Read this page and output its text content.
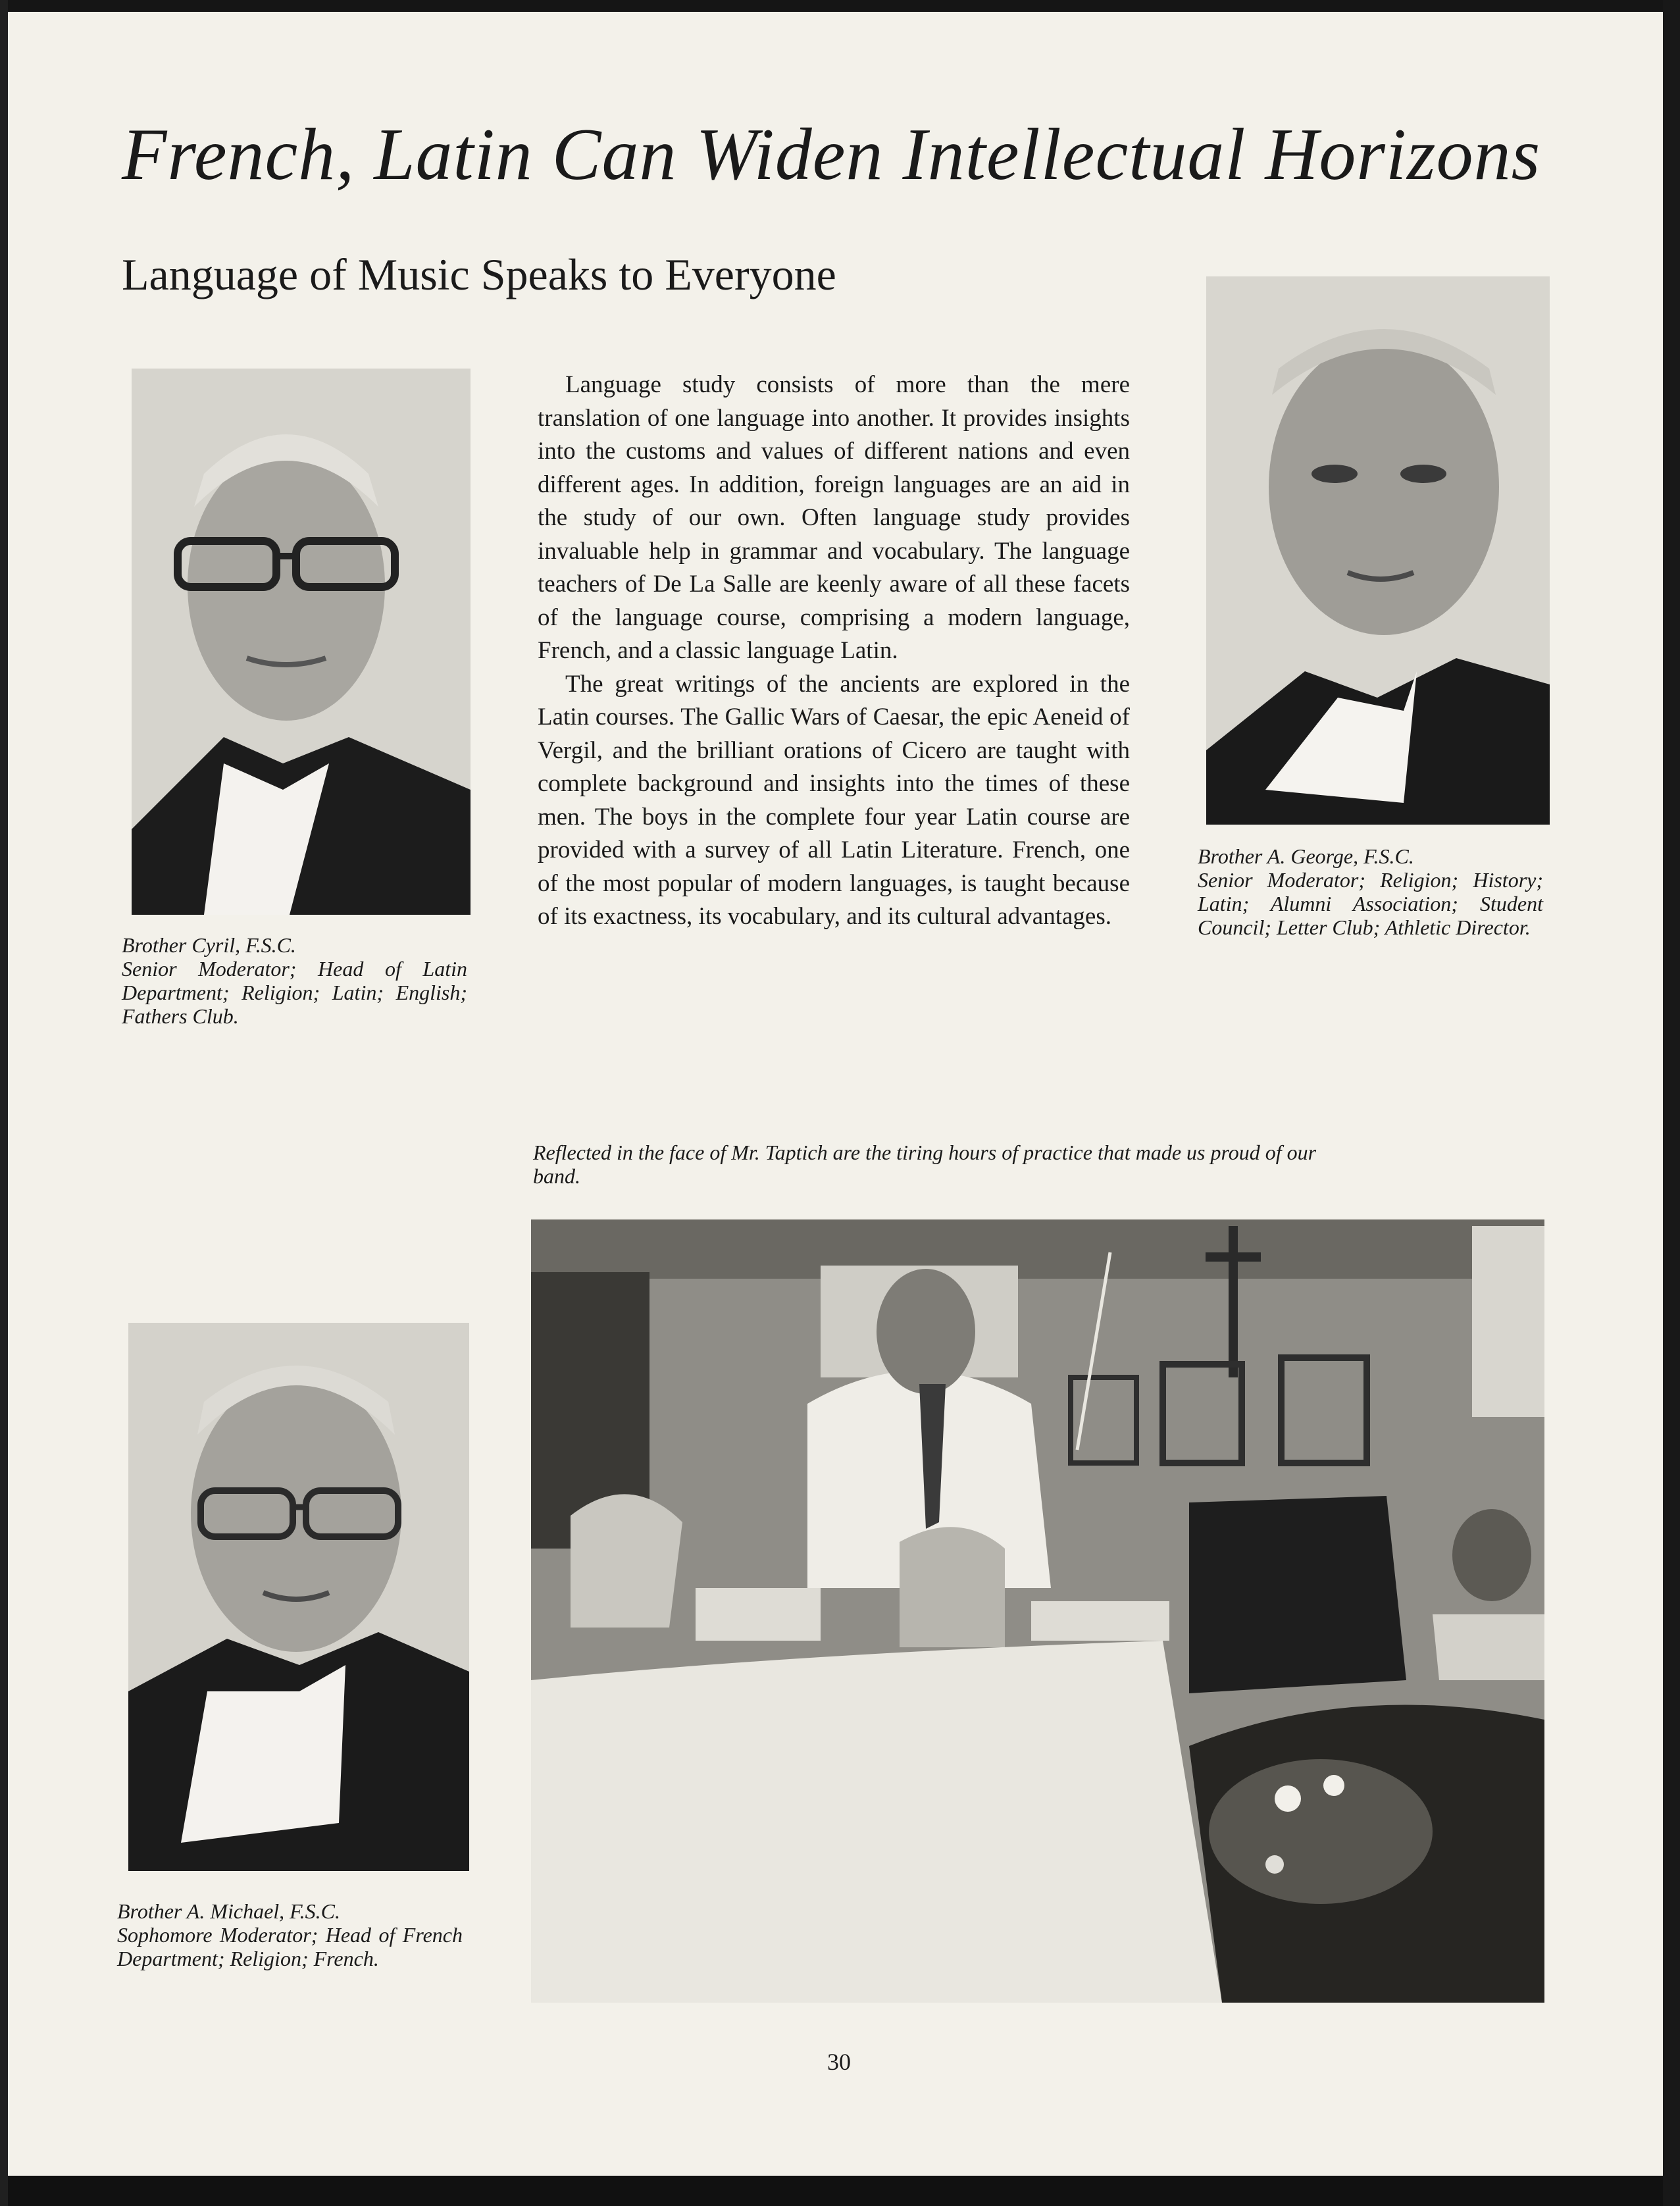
French, Latin Can Widen Intellectual Horizons
Language of Music Speaks to Everyone
Brother Cyril, F.S.C.
Senior Moderator; Head of Latin Department; Religion; Latin; English; Fathers Club.

Language study consists of more than the mere translation of one language into another. It provides insights into the customs and values of different nations and even different ages. In addition, foreign languages are an aid in the study of our own. Often language study provides invaluable help in grammar and vocabulary. The language teachers of De La Salle are keenly aware of all these facets of the language course, comprising a modern language, French, and a classic language Latin.

The great writings of the ancients are explored in the Latin courses. The Gallic Wars of Caesar, the epic Aeneid of Vergil, and the brilliant orations of Cicero are taught with complete background and insights into the times of these men. The boys in the complete four year Latin course are provided with a survey of all Latin Literature. French, one of the most popular of modern languages, is taught because of its exactness, its vocabulary, and its cultural advantages.

Brother A. George, F.S.C.
Senior Moderator; Religion; History; Latin; Alumni Association; Student Council; Letter Club; Athletic Director.
Reflected in the face of Mr. Taptich are the tiring hours of practice that made us proud of our band.
Brother A. Michael, F.S.C.
Sophomore Moderator; Head of French Department; Religion; French.
30
